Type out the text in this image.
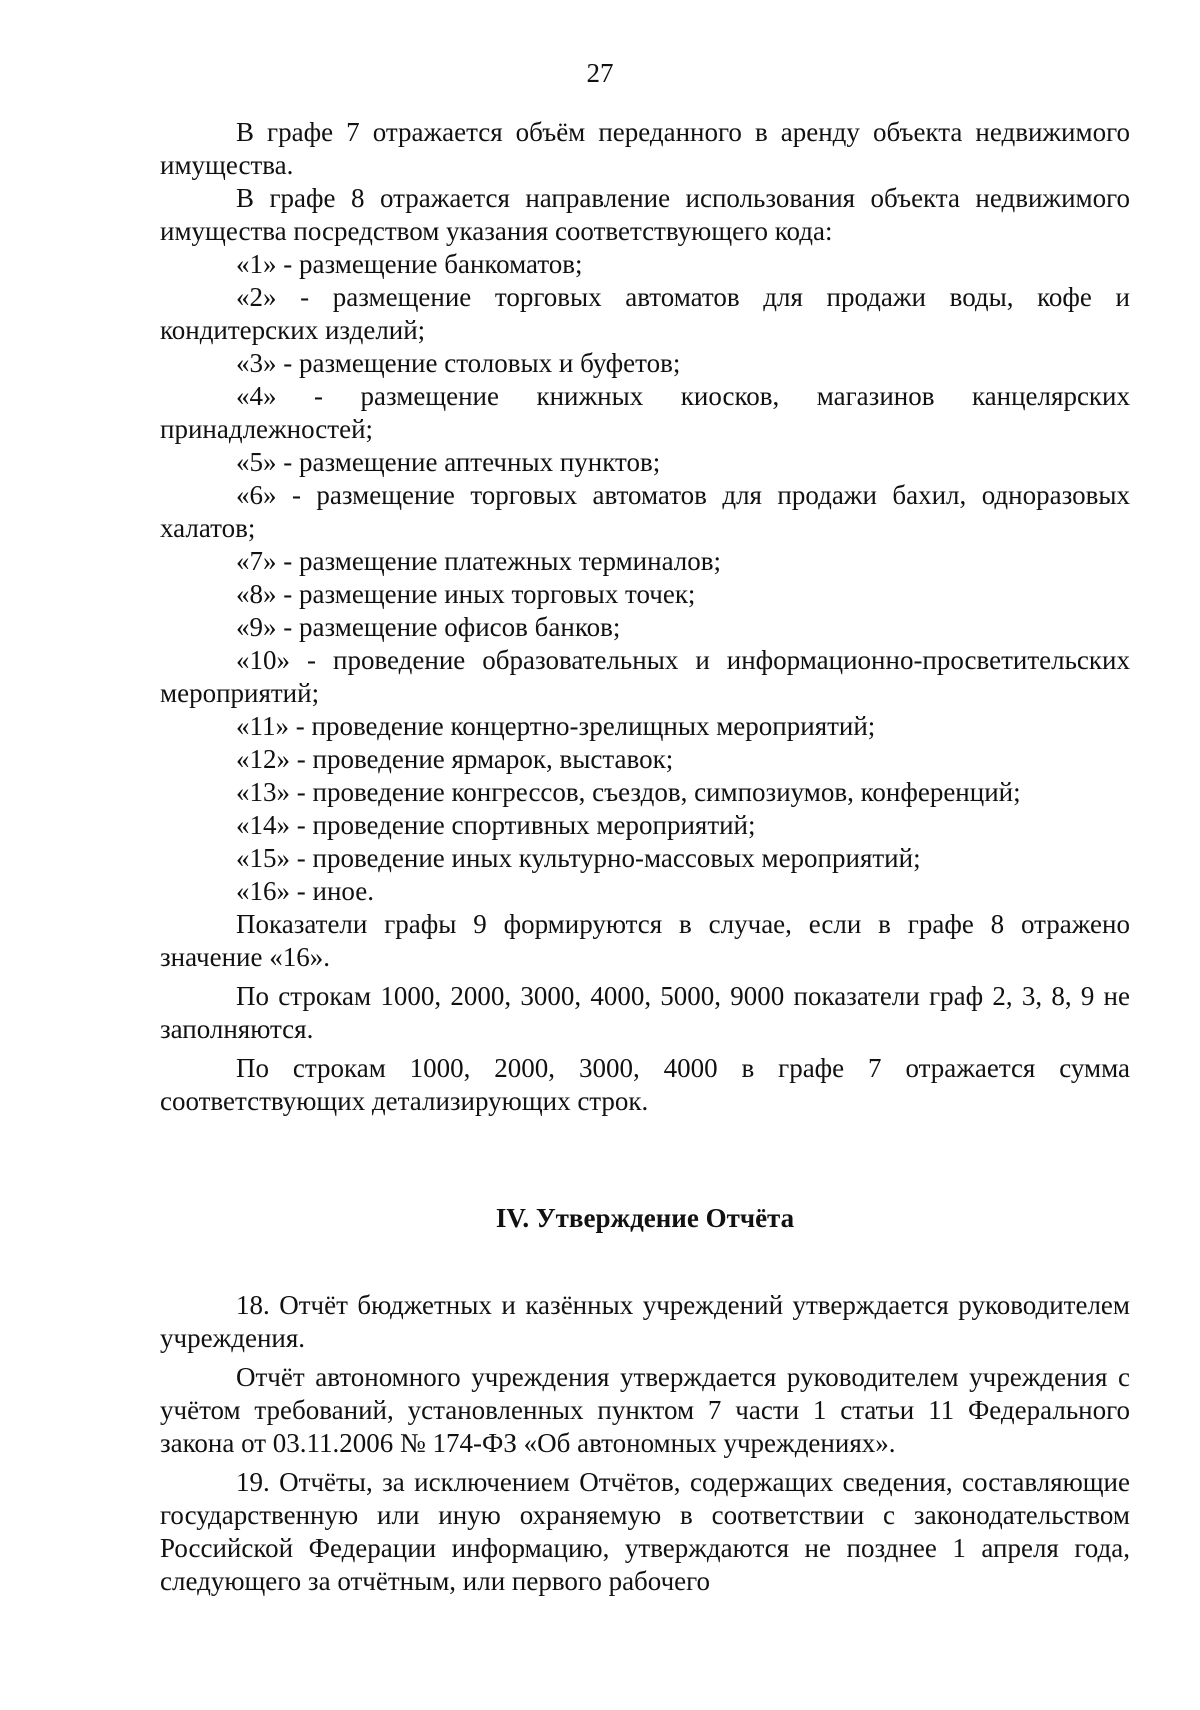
27

В графе 7 отражается объём переданного в аренду объекта недвижимого имущества.

В графе 8 отражается направление использования объекта недвижимого имущества посредством указания соответствующего кода:

«1» - размещение банкоматов;

«2» - размещение торговых автоматов для продажи воды, кофе и кондитерских изделий;

«3» - размещение столовых и буфетов;

«4» - размещение книжных киосков, магазинов канцелярских принадлежностей;

«5» - размещение аптечных пунктов;

«6» - размещение торговых автоматов для продажи бахил, одноразовых халатов;

«7» - размещение платежных терминалов;

«8» - размещение иных торговых точек;

«9» - размещение офисов банков;

«10» - проведение образовательных и информационно-просветительских мероприятий;

«11» - проведение концертно-зрелищных мероприятий;

«12» - проведение ярмарок, выставок;

«13» - проведение конгрессов, съездов, симпозиумов, конференций;

«14» - проведение спортивных мероприятий;

«15» - проведение иных культурно-массовых мероприятий;

«16» - иное.

Показатели графы 9 формируются в случае, если в графе 8 отражено значение «16».

По строкам 1000, 2000, 3000, 4000, 5000, 9000 показатели граф 2, 3, 8, 9 не заполняются.

По строкам 1000, 2000, 3000, 4000 в графе 7 отражается сумма соответствующих детализирующих строк.

IV. Утверждение Отчёта

18. Отчёт бюджетных и казённых учреждений утверждается руководителем учреждения.

Отчёт автономного учреждения утверждается руководителем учреждения с учётом требований, установленных пунктом 7 части 1 статьи 11 Федерального закона от 03.11.2006 № 174-ФЗ «Об автономных учреждениях».

19. Отчёты, за исключением Отчётов, содержащих сведения, составляющие государственную или иную охраняемую в соответствии с законодательством Российской Федерации информацию, утверждаются не позднее 1 апреля года, следующего за отчётным, или первого рабочего
